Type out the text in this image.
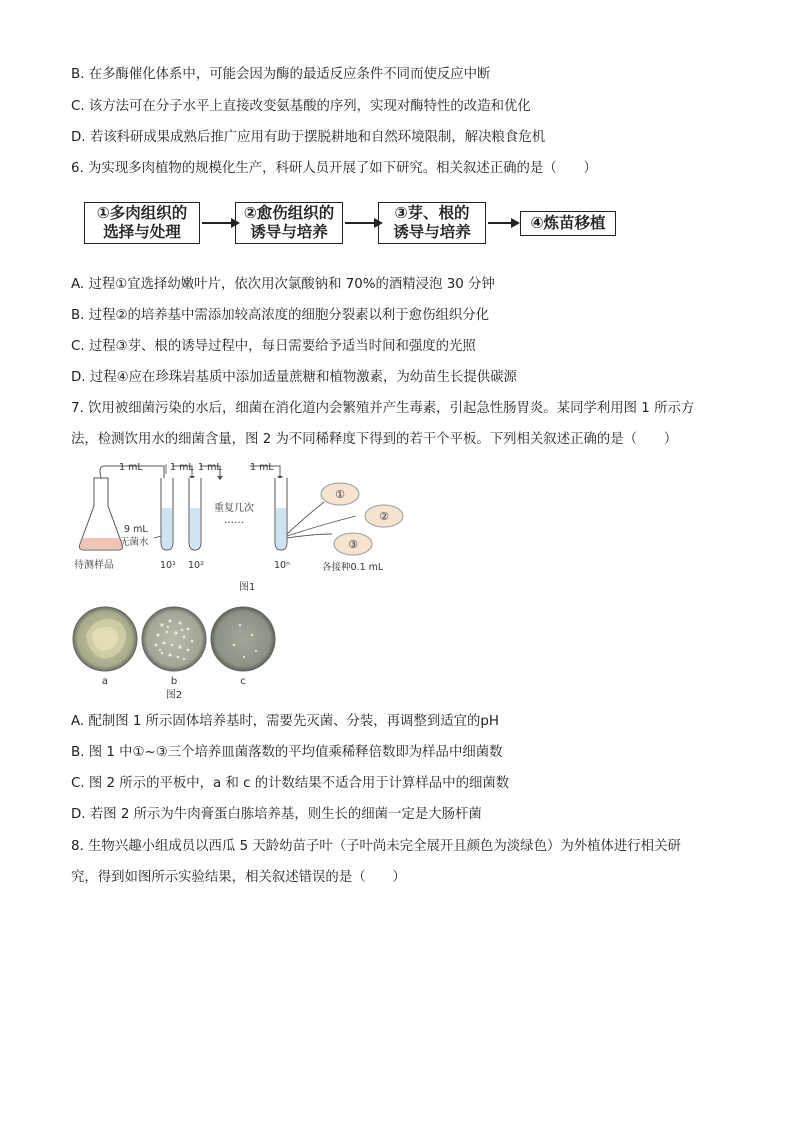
B. 在多酶催化体系中，可能会因为酶的最适反应条件不同而使反应中断
C. 该方法可在分子水平上直接改变氨基酸的序列，实现对酶特性的改造和优化
D. 若该科研成果成熟后推广应用有助于摆脱耕地和自然环境限制，解决粮食危机
6. 为实现多肉植物的规模化生产，科研人员开展了如下研究。相关叙述正确的是（　　）
①多肉组织的
选择与处理
②愈伤组织的
诱导与培养
③芽、根的
诱导与培养	④炼苗移植
A. 过程①宜选择幼嫩叶片，依次用次氯酸钠和 70%的酒精浸泡 30 分钟
B. 过程②的培养基中需添加较高浓度的细胞分裂素以利于愈伤组织分化
C. 过程③芽、根的诱导过程中，每日需要给予适当时间和强度的光照
D. 过程④应在珍珠岩基质中添加适量蔗糖和植物激素，为幼苗生长提供碳源
7. 饮用被细菌污染的水后，细菌在消化道内会繁殖并产生毒素，引起急性肠胃炎。某同学利用图 1 所示方
法，检测饮用水的细菌含量，图 2 为不同稀释度下得到的若干个平板。下列相关叙述正确的是（　　）
1 mL	1 mL 1 mL	1 mL
9 mL
无菌水
待测样品	10¹ 10²	10ⁿ
重复几次
……
①
②
③
各接种0.1 mL
图1
a	b	c
图2
A. 配制图 1 所示固体培养基时，需要先灭菌、分装，再调整到适宜的pH
B. 图 1 中①~③三个培养皿菌落数的平均值乘稀释倍数即为样品中细菌数
C. 图 2 所示的平板中，a 和 c 的计数结果不适合用于计算样品中的细菌数
D. 若图 2 所示为牛肉膏蛋白胨培养基，则生长的细菌一定是大肠杆菌
8. 生物兴趣小组成员以西瓜 5 天龄幼苗子叶（子叶尚未完全展开且颜色为淡绿色）为外植体进行相关研
究，得到如图所示实验结果，相关叙述错误的是（　　）
